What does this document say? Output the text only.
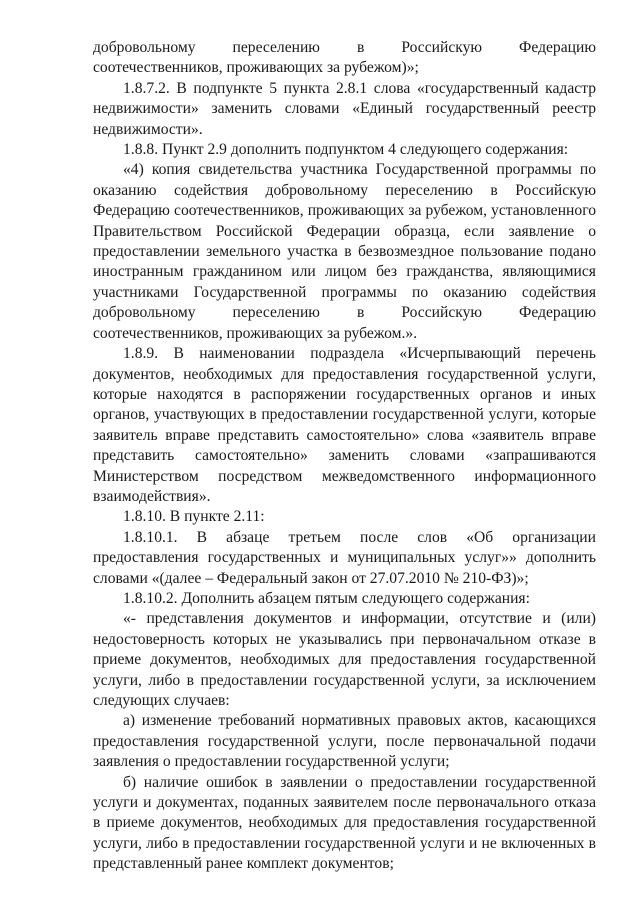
добровольному переселению в Российскую Федерацию соотечественников, проживающих за рубежом)»;

1.8.7.2. В подпункте 5 пункта 2.8.1 слова «государственный кадастр недвижимости» заменить словами «Единый государственный реестр недвижимости».

1.8.8. Пункт 2.9 дополнить подпунктом 4 следующего содержания:

«4) копия свидетельства участника Государственной программы по оказанию содействия добровольному переселению в Российскую Федерацию соотечественников, проживающих за рубежом, установленного Правительством Российской Федерации образца, если заявление о предоставлении земельного участка в безвозмездное пользование подано иностранным гражданином или лицом без гражданства, являющимися участниками Государственной программы по оказанию содействия добровольному переселению в Российскую Федерацию соотечественников, проживающих за рубежом.».

1.8.9. В наименовании подраздела «Исчерпывающий перечень документов, необходимых для предоставления государственной услуги, которые находятся в распоряжении государственных органов и иных органов, участвующих в предоставлении государственной услуги, которые заявитель вправе представить самостоятельно» слова «заявитель вправе представить самостоятельно» заменить словами «запрашиваются Министерством посредством межведомственного информационного взаимодействия».

1.8.10. В пункте 2.11:

1.8.10.1. В абзаце третьем после слов «Об организации предоставления государственных и муниципальных услуг»» дополнить словами «(далее – Федеральный закон от 27.07.2010 № 210-ФЗ)»;

1.8.10.2. Дополнить абзацем пятым следующего содержания:

«- представления документов и информации, отсутствие и (или) недостоверность которых не указывались при первоначальном отказе в приеме документов, необходимых для предоставления государственной услуги, либо в предоставлении государственной услуги, за исключением следующих случаев:

а) изменение требований нормативных правовых актов, касающихся предоставления государственной услуги, после первоначальной подачи заявления о предоставлении государственной услуги;

б) наличие ошибок в заявлении о предоставлении государственной услуги и документах, поданных заявителем после первоначального отказа в приеме документов, необходимых для предоставления государственной услуги, либо в предоставлении государственной услуги и не включенных в представленный ранее комплект документов;
